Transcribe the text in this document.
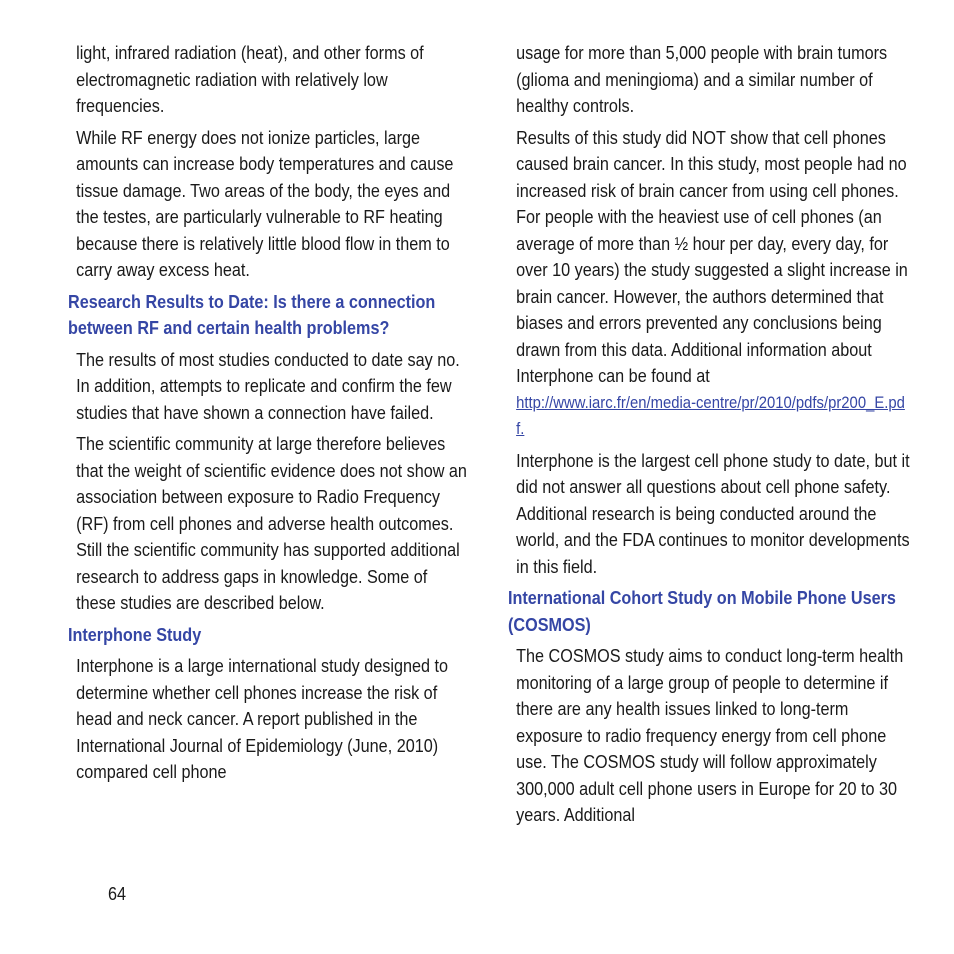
light, infrared radiation (heat), and other forms of electromagnetic radiation with relatively low frequencies.

While RF energy does not ionize particles, large amounts can increase body temperatures and cause tissue damage. Two areas of the body, the eyes and the testes, are particularly vulnerable to RF heating because there is relatively little blood flow in them to carry away excess heat.

Research Results to Date: Is there a connection between RF and certain health problems?

The results of most studies conducted to date say no. In addition, attempts to replicate and confirm the few studies that have shown a connection have failed.

The scientific community at large therefore believes that the weight of scientific evidence does not show an association between exposure to Radio Frequency (RF) from cell phones and adverse health outcomes. Still the scientific community has supported additional research to address gaps in knowledge. Some of these studies are described below.

Interphone Study

Interphone is a large international study designed to determine whether cell phones increase the risk of head and neck cancer. A report published in the International Journal of Epidemiology (June, 2010) compared cell phone

usage for more than 5,000 people with brain tumors (glioma and meningioma) and a similar number of healthy controls.

Results of this study did NOT show that cell phones caused brain cancer. In this study, most people had no increased risk of brain cancer from using cell phones. For people with the heaviest use of cell phones (an average of more than ½ hour per day, every day, for over 10 years) the study suggested a slight increase in brain cancer. However, the authors determined that biases and errors prevented any conclusions being drawn from this data. Additional information about Interphone can be found at
http://www.iarc.fr/en/media-centre/pr/2010/pdfs/pr200_E.pdf.

Interphone is the largest cell phone study to date, but it did not answer all questions about cell phone safety. Additional research is being conducted around the world, and the FDA continues to monitor developments in this field.

International Cohort Study on Mobile Phone Users (COSMOS)

The COSMOS study aims to conduct long-term health monitoring of a large group of people to determine if there are any health issues linked to long-term exposure to radio frequency energy from cell phone use. The COSMOS study will follow approximately 300,000 adult cell phone users in Europe for 20 to 30 years. Additional

64
